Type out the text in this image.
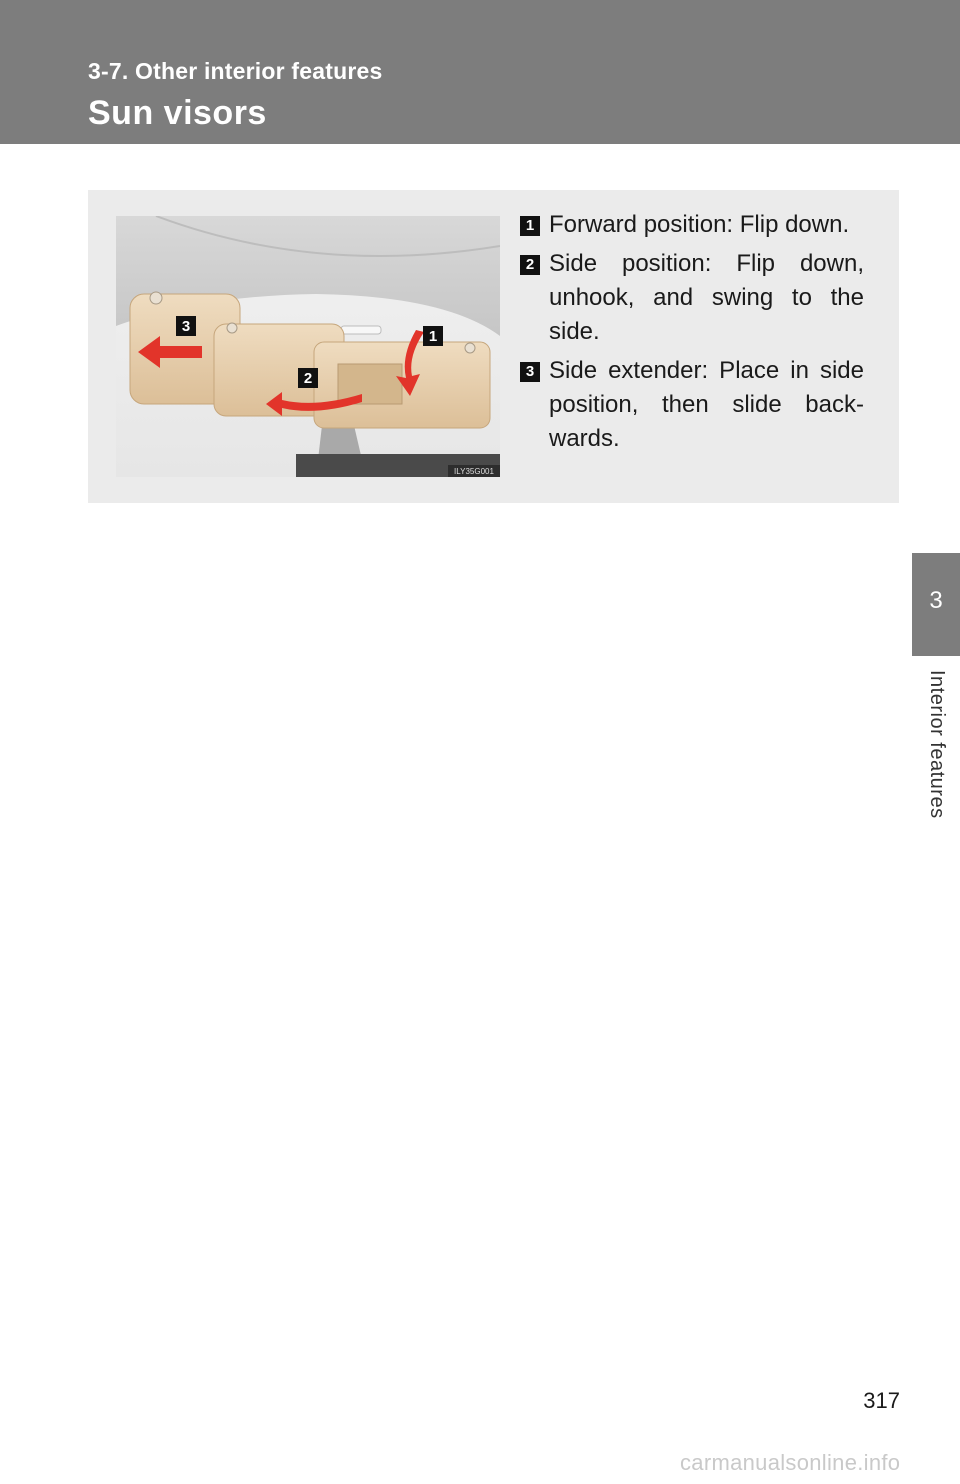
3-7. Other interior features
Sun visors
3
2
1
ILY35G001
1 Forward position: Flip down.
2 Side position: Flip down, unhook, and swing to the side.
3 Side extender: Place in side position, then slide back-wards.
3
Interior features
317
carmanualsonline.info
